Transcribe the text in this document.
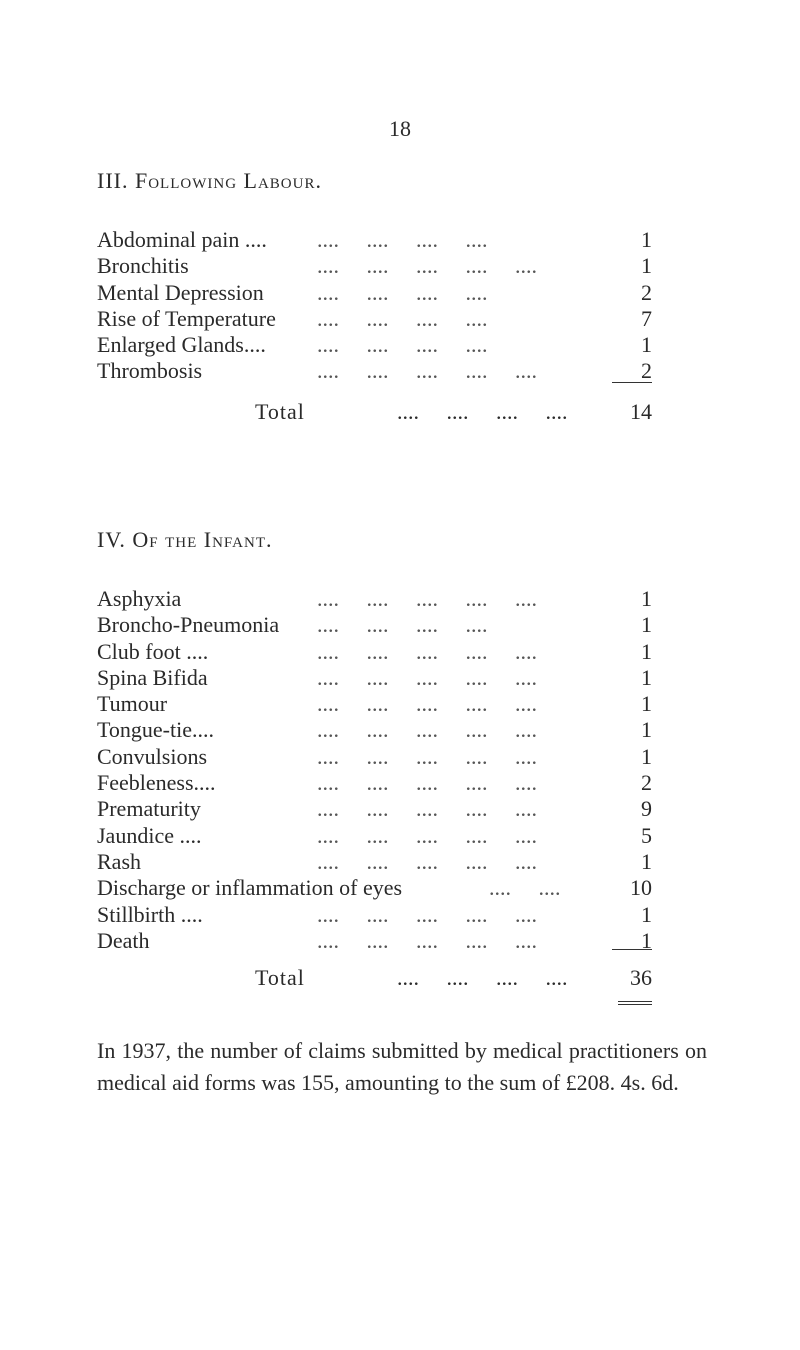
18
III. Following Labour.
Abdominal pain .... ....     ....     ....     ....	1
Bronchitis	....     ....     ....     ....     ....	1
Mental Depression ....     ....     ....     ....	2
Rise of Temperature ....     ....     ....     ....	7
Enlarged Glands.... ....     ....     ....     ....	1
Thrombosis	....     ....     ....     ....     ....	2
Total	....     ....     ....     ....	14
IV. Of the Infant.
Asphyxia	....     ....     ....     ....     ....	1
Broncho-Pneumonia ....     ....     ....     ....	1
Club foot ....	....     ....     ....     ....     ....	1
Spina Bifida	....     ....     ....     ....     ....	1
Tumour	....     ....     ....     ....     ....	1
Tongue-tie....	....     ....     ....     ....     ....	1
Convulsions	....     ....     ....     ....     ....	1
Feebleness....	....     ....     ....     ....     ....	2
Prematurity	....     ....     ....     ....     ....	9
Jaundice ....	....     ....     ....     ....     ....	5
Rash	....     ....     ....     ....     ....	1
Discharge or inflammation of eyes	....     ....	10
Stillbirth ....	....     ....     ....     ....     ....	1
Death	....     ....     ....     ....     ....	1
Total	....     ....     ....     ....	36
In 1937, the number of claims submitted by medical practitioners on medical aid forms was 155, amounting to the sum of £208. 4s. 6d.
